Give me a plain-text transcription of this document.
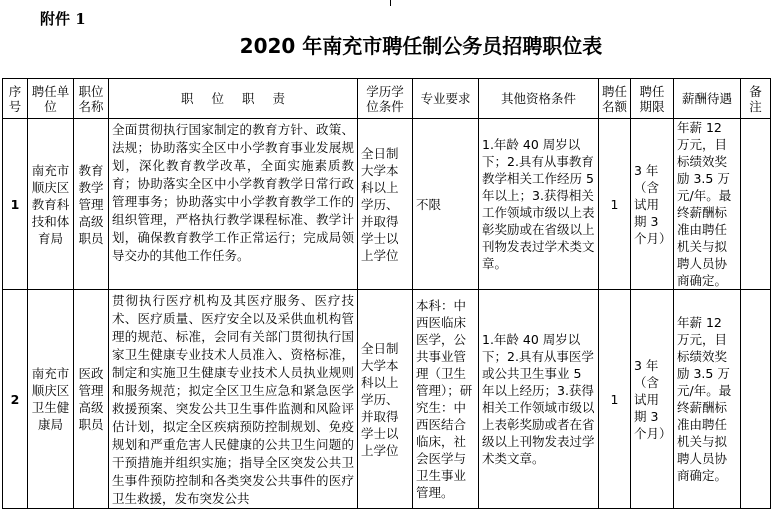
附件 1
2020 年南充市聘任制公务员招聘职位表
序号	聘任单位	职位名称	职 位 职 责	学历学位条件	专业要求	其他资格条件	聘任名额	聘任期限	薪酬待遇	备注
1	南充市顺庆区教育科技和体育局	教育教学管理高级职员	全面贯彻执行国家制定的教育方针、政策、法规；协助落实全区中小学教育事业发展规划，深化教育教学改革，全面实施素质教育；协助落实全区中小学教育教学日常行政管理事务；协助落实中小学教育教学工作的组织管理，严格执行教学课程标准、教学计划，确保教育教学工作正常运行；完成局领导交办的其他工作任务。	全日制大学本科以上学历、并取得学士以上学位	不限	1.年龄 40 周岁以下；2.具有从事教育教学相关工作经历 5 年以上；3.获得相关工作领域市级以上表彰奖励或在省级以上刊物发表过学术类文章。	1	3 年（含试用期 3 个月）	年薪 12 万元，目标绩效奖励 3.5 万元/年。最终薪酬标准由聘任机关与拟聘人员协商确定。	
2	南充市顺庆区卫生健康局	医政管理高级职员	贯彻执行医疗机构及其医疗服务、医疗技术、医疗质量、医疗安全以及采供血机构管理的规范、标准，会同有关部门贯彻执行国家卫生健康专业技术人员准入、资格标准，制定和实施卫生健康专业技术人员执业规则和服务规范；拟定全区卫生应急和紧急医学救援预案、突发公共卫生事件监测和风险评估计划，拟定全区疾病预防控制规划、免疫规划和严重危害人民健康的公共卫生问题的干预措施并组织实施；指导全区突发公共卫生事件预防控制和各类突发公共事件的医疗卫生救援，发布突发公共	全日制大学本科以上学历、并取得学士以上学位	本科：中西医临床医学，公共事业管理（卫生管理）；研究生：中西医结合临床，社会医学与卫生事业管理。	1.年龄 40 周岁以下；2.具有从事医学或公共卫生事业 5 年以上经历；3.获得相关工作领域市级以上表彰奖励或者在省级以上刊物发表过学术类文章。	1	3 年（含试用期 3 个月）	年薪 12 万元，目标绩效奖励 3.5 万元/年。最终薪酬标准由聘任机关与拟聘人员协商确定。	
